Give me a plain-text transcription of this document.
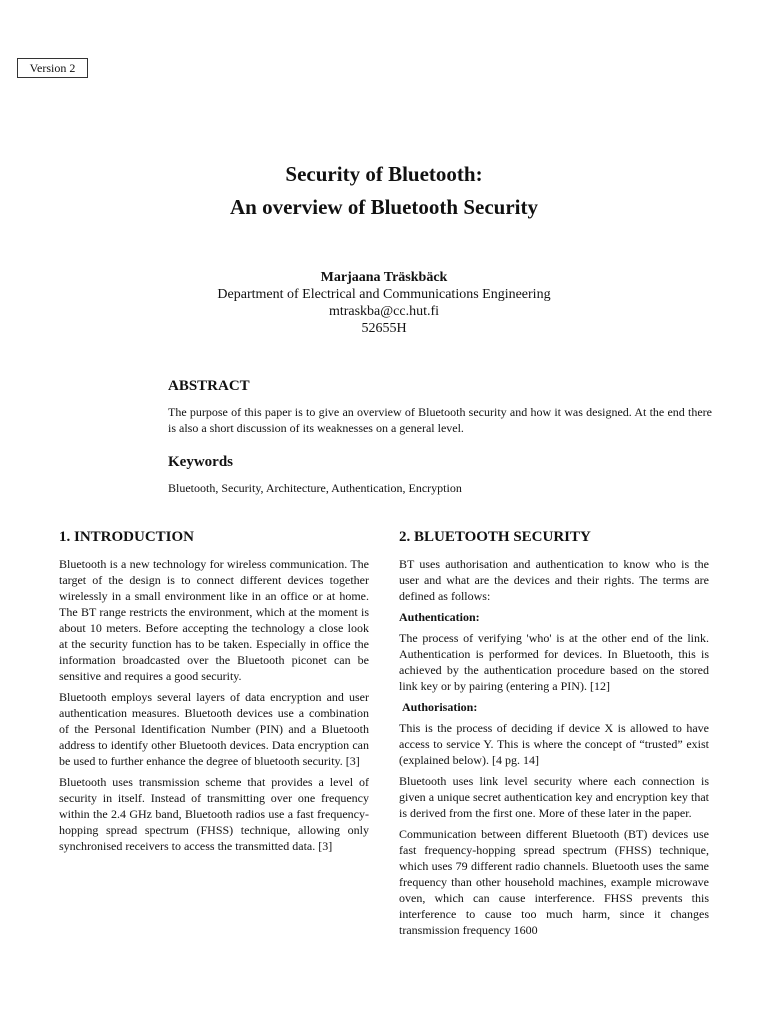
Version 2
Security of Bluetooth:
An overview of Bluetooth Security
Marjaana Träskbäck
Department of Electrical and Communications Engineering
mtraskba@cc.hut.fi
52655H
ABSTRACT

The purpose of this paper is to give an overview of Bluetooth security and how it was designed. At the end there is also a short discussion of its weaknesses on a general level.

Keywords

Bluetooth, Security, Architecture, Authentication, Encryption

1. INTRODUCTION

Bluetooth is a new technology for wireless communication. The target of the design is to connect different devices together wirelessly in a small environment like in an office or at home. The BT range restricts the environment, which at the moment is about 10 meters. Before accepting the technology a close look at the security function has to be taken. Especially in office the information broadcasted over the Bluetooth piconet can be sensitive and requires a good security.

Bluetooth employs several layers of data encryption and user authentication measures. Bluetooth devices use a combination of the Personal Identification Number (PIN) and a Bluetooth address to identify other Bluetooth devices. Data encryption can be used to further enhance the degree of bluetooth security. [3]

Bluetooth uses transmission scheme that provides a level of security in itself. Instead of transmitting over one frequency within the 2.4 GHz band, Bluetooth radios use a fast frequency-hopping spread spectrum (FHSS) technique, allowing only synchronised receivers to access the transmitted data. [3]

2. BLUETOOTH SECURITY

BT uses authorisation and authentication to know who is the user and what are the devices and their rights. The terms are defined as follows:

Authentication:

The process of verifying 'who' is at the other end of the link. Authentication is performed for devices. In Bluetooth, this is achieved by the authentication procedure based on the stored link key or by pairing (entering a PIN). [12]

Authorisation:

This is the process of deciding if device X is allowed to have access to service Y. This is where the concept of “trusted” exist (explained below). [4 pg. 14]

Bluetooth uses link level security where each connection is given a unique secret authentication key and encryption key that is derived from the first one. More of these later in the paper.

Communication between different Bluetooth (BT) devices use fast frequency-hopping spread spectrum (FHSS) technique, which uses 79 different radio channels. Bluetooth uses the same frequency than other household machines, example microwave oven, which can cause interference. FHSS prevents this interference to cause too much harm, since it changes transmission frequency 1600
